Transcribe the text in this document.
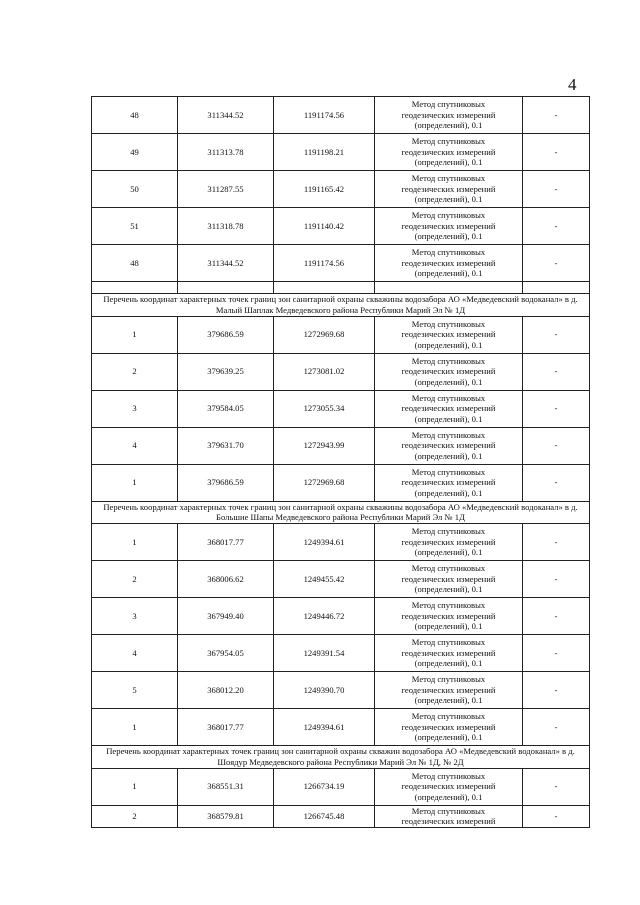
4
48	311344.52	1191174.56	Метод спутниковых
геодезических измерений
(определений), 0.1	-
49	311313.78	1191198.21	Метод спутниковых
геодезических измерений
(определений), 0.1	-
50	311287.55	1191165.42	Метод спутниковых
геодезических измерений
(определений), 0.1	-
51	311318.78	1191140.42	Метод спутниковых
геодезических измерений
(определений), 0.1	-
48	311344.52	1191174.56	Метод спутниковых
геодезических измерений
(определений), 0.1	-

Перечень координат характерных точек границ зон санитарной охраны скважины водозабора АО «Медведевский водоканал» в д. Малый Шаплак Медведевского района Республики Марий Эл № 1Д				
1	379686.59	1272969.68	Метод спутниковых
геодезических измерений
(определений), 0.1	-
2	379639.25	1273081.02	Метод спутниковых
геодезических измерений
(определений), 0.1	-
3	379584.05	1273055.34	Метод спутниковых
геодезических измерений
(определений), 0.1	-
4	379631.70	1272943.99	Метод спутниковых
геодезических измерений
(определений), 0.1	-
1	379686.59	1272969.68	Метод спутниковых
геодезических измерений
(определений), 0.1	-
Перечень координат характерных точек границ зон санитарной охраны скважины водозабора АО «Медведевский водоканал» в д. Большие Шапы Медведевского района Республики Марий Эл № 1Д				
1	368017.77	1249394.61	Метод спутниковых
геодезических измерений
(определений), 0.1	-
2	368006.62	1249455.42	Метод спутниковых
геодезических измерений
(определений), 0.1	-
3	367949.40	1249446.72	Метод спутниковых
геодезических измерений
(определений), 0.1	-
4	367954.05	1249391.54	Метод спутниковых
геодезических измерений
(определений), 0.1	-
5	368012.20	1249390.70	Метод спутниковых
геодезических измерений
(определений), 0.1	-
1	368017.77	1249394.61	Метод спутниковых
геодезических измерений
(определений), 0.1	-
Перечень координат характерных точек границ зон санитарной охраны скважин водозабора АО «Медведевский водоканал» в д. Шоядур Медведевского района Республики Марий Эл № 1Д, № 2Д				
1	368551.31	1266734.19	Метод спутниковых
геодезических измерений
(определений), 0.1	-
2	368579.81	1266745.48	Метод спутниковых
геодезических измерений	-
